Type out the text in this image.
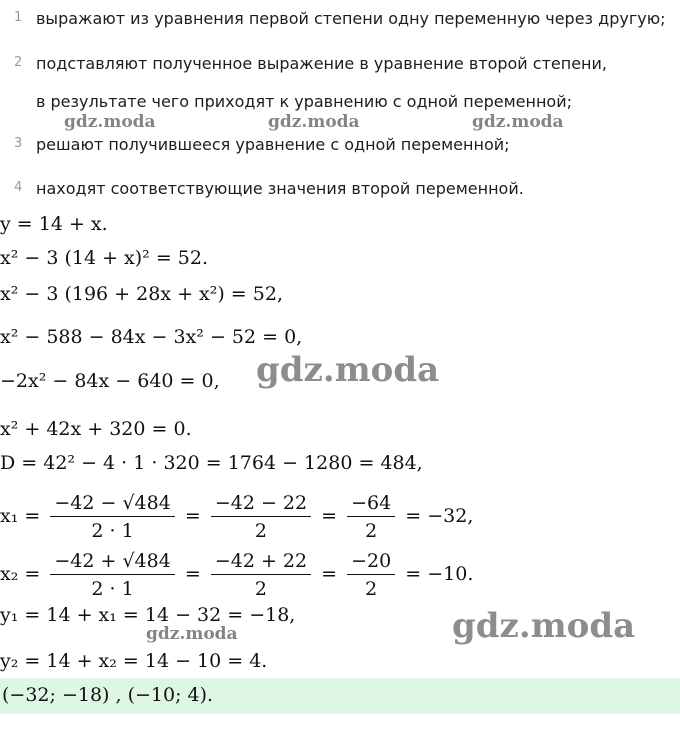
1 выражают из уравнения первой степени одну переменную через другую;
2 подставляют полученное выражение в уравнение второй степени, в результате чего приходят к уравнению с одной переменной;
3 решают получившееся уравнение с одной переменной;
4 находят соответствующие значения второй переменной.
gdz.moda	gdz.moda	gdz.moda
gdz.moda
gdz.moda
gdz.moda
y = 14 + x.
x² − 3 (14 + x)² = 52.
x² − 3 (196 + 28x + x²) = 52,
x² − 588 − 84x − 3x² − 52 = 0,
−2x² − 84x − 640 = 0,
x² + 42x + 320 = 0.
D = 42² − 4 · 1 · 320 = 1764 − 1280 = 484,
$x_1 = \frac{-42 - √484}{2 \cdot 1} = \frac{-42 - 22}{2} = \frac{-64}{2} = -32$,
$x_2 = \frac{-42 + √484}{2 \cdot 1} = \frac{-42 + 22}{2} = \frac{-20}{2} = -10$.
y₁ = 14 + x₁ = 14 − 32 = −18,
y₂ = 14 + x₂ = 14 − 10 = 4.
(−32; −18) , (−10; 4).
